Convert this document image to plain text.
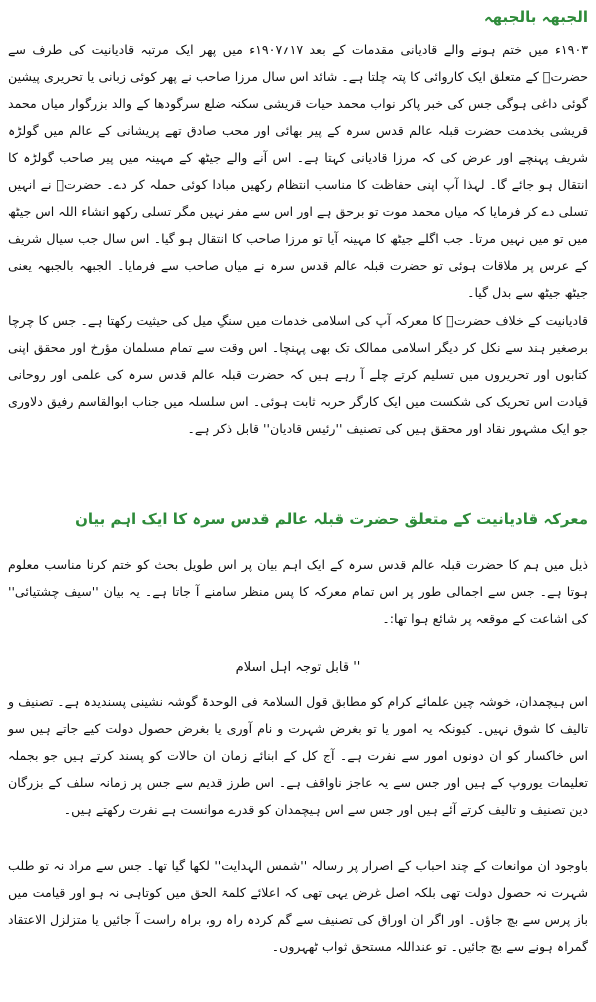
الجبھہ بالجبھہ

۱۹۰۳ء میں ختم ہونے والے قادیانی مقدمات کے بعد ۱۷؍۱۹۰۷ء میں پھر ایک مرتبہ قادیانیت کی طرف سے حضرتؒ کے متعلق ایک کاروائی کا پتہ چلتا ہے۔ شائد اس سال مرزا صاحب نے پھر کوئی زبانی یا تحریری پیشین گوئی داغی ہوگی جس کی خبر پاکر نواب محمد حیات قریشی سکنہ ضلع سرگودھا کے والد بزرگوار میاں محمد قریشی بخدمت حضرت قبلہ عالم قدس سرہ کے پیر بھائی اور محب صادق تھے پریشانی کے عالم میں گولڑہ شریف پہنچے اور عرض کی کہ مرزا قادیانی کہتا ہے۔ اس آنے والے جیٹھ کے مہینہ میں پیر صاحب گولڑہ کا انتقال ہو جائے گا۔ لہذا آپ اپنی حفاظت کا مناسب انتظام رکھیں مبادا کوئی حملہ کر دے۔ حضرتؒ نے انہیں تسلی دے کر فرمایا کہ میاں محمد موت تو برحق ہے اور اس سے مفر نہیں مگر تسلی رکھو انشاء اللہ اس جیٹھ میں تو میں نہیں مرتا۔ جب اگلے جیٹھ کا مہینہ آیا تو مرزا صاحب کا انتقال ہو گیا۔ اس سال جب سیال شریف کے عرس پر ملاقات ہوئی تو حضرت قبلہ عالم قدس سرہ نے میاں صاحب سے فرمایا۔ الجبھہ بالجبھہ یعنی جیٹھ جیٹھ سے بدل گیا۔

قادیانیت کے خلاف حضرتؒ کا معرکہ آپ کی اسلامی خدمات میں سنگِ میل کی حیثیت رکھتا ہے۔ جس کا چرچا برصغیر ہند سے نکل کر دیگر اسلامی ممالک تک بھی پہنچا۔ اس وقت سے تمام مسلمان مؤرخ اور محقق اپنی کتابوں اور تحریروں میں تسلیم کرتے چلے آ رہے ہیں کہ حضرت قبلہ عالم قدس سرہ کی علمی اور روحانی قیادت اس تحریک کی شکست میں ایک کارگر حربہ ثابت ہوئی۔ اس سلسلہ میں جناب ابوالقاسم رفیق دلاوری جو ایک مشہور نقاد اور محقق ہیں کی تصنیف ''رئیس قادیان'' قابل ذکر ہے۔

معرکہ قادیانیت کے متعلق حضرت قبلہ عالم قدس سرہ کا ایک اہم بیان

ذیل میں ہم کا حضرت قبلہ عالم قدس سرہ کے ایک اہم بیان پر اس طویل بحث کو ختم کرنا مناسب معلوم ہوتا ہے۔ جس سے اجمالی طور پر اس تمام معرکہ کا پس منظر سامنے آ جاتا ہے۔ یہ بیان ''سیف چشتیائی'' کی اشاعت کے موقعہ پر شائع ہوا تھا:۔

'' قابل توجہ اہل اسلام

اس ہیچمدان، خوشہ چین علمائے کرام کو مطابق قول السلامۃ فی الوحدۃ گوشہ نشینی پسندیدہ ہے۔ تصنیف و تالیف کا شوق نہیں۔ کیونکہ یہ امور یا تو بغرض شہرت و نام آوری یا بغرض حصول دولت کیے جاتے ہیں سو اس خاکسار کو ان دونوں امور سے نفرت ہے۔ آج کل کے ابنائے زمان ان حالات کو پسند کرتے ہیں جو بجملہ تعلیمات یوروپ کے ہیں اور جس سے یہ عاجز ناواقف ہے۔ اس طرز قدیم سے جس پر زمانہ سلف کے بزرگان دین تصنیف و تالیف کرتے آئے ہیں اور جس سے اس ہیچمدان کو قدرے موانست ہے نفرت رکھتے ہیں۔

باوجود ان موانعات کے چند احباب کے اصرار پر رسالہ ''شمس الہدایت'' لکھا گیا تھا۔ جس سے مراد نہ تو طلب شہرت نہ حصول دولت تھی بلکہ اصل غرض یہی تھی کہ اعلائے کلمۃ الحق میں کوتاہی نہ ہو اور قیامت میں باز پرس سے بچ جاؤں۔ اور اگر ان اوراق کی تصنیف سے گم کردہ راہ رو، براہ راست آ جائیں یا متزلزل الاعتقاد گمراہ ہونے سے بچ جائیں۔ تو عنداللہ مستحق ثواب ٹھہروں۔
